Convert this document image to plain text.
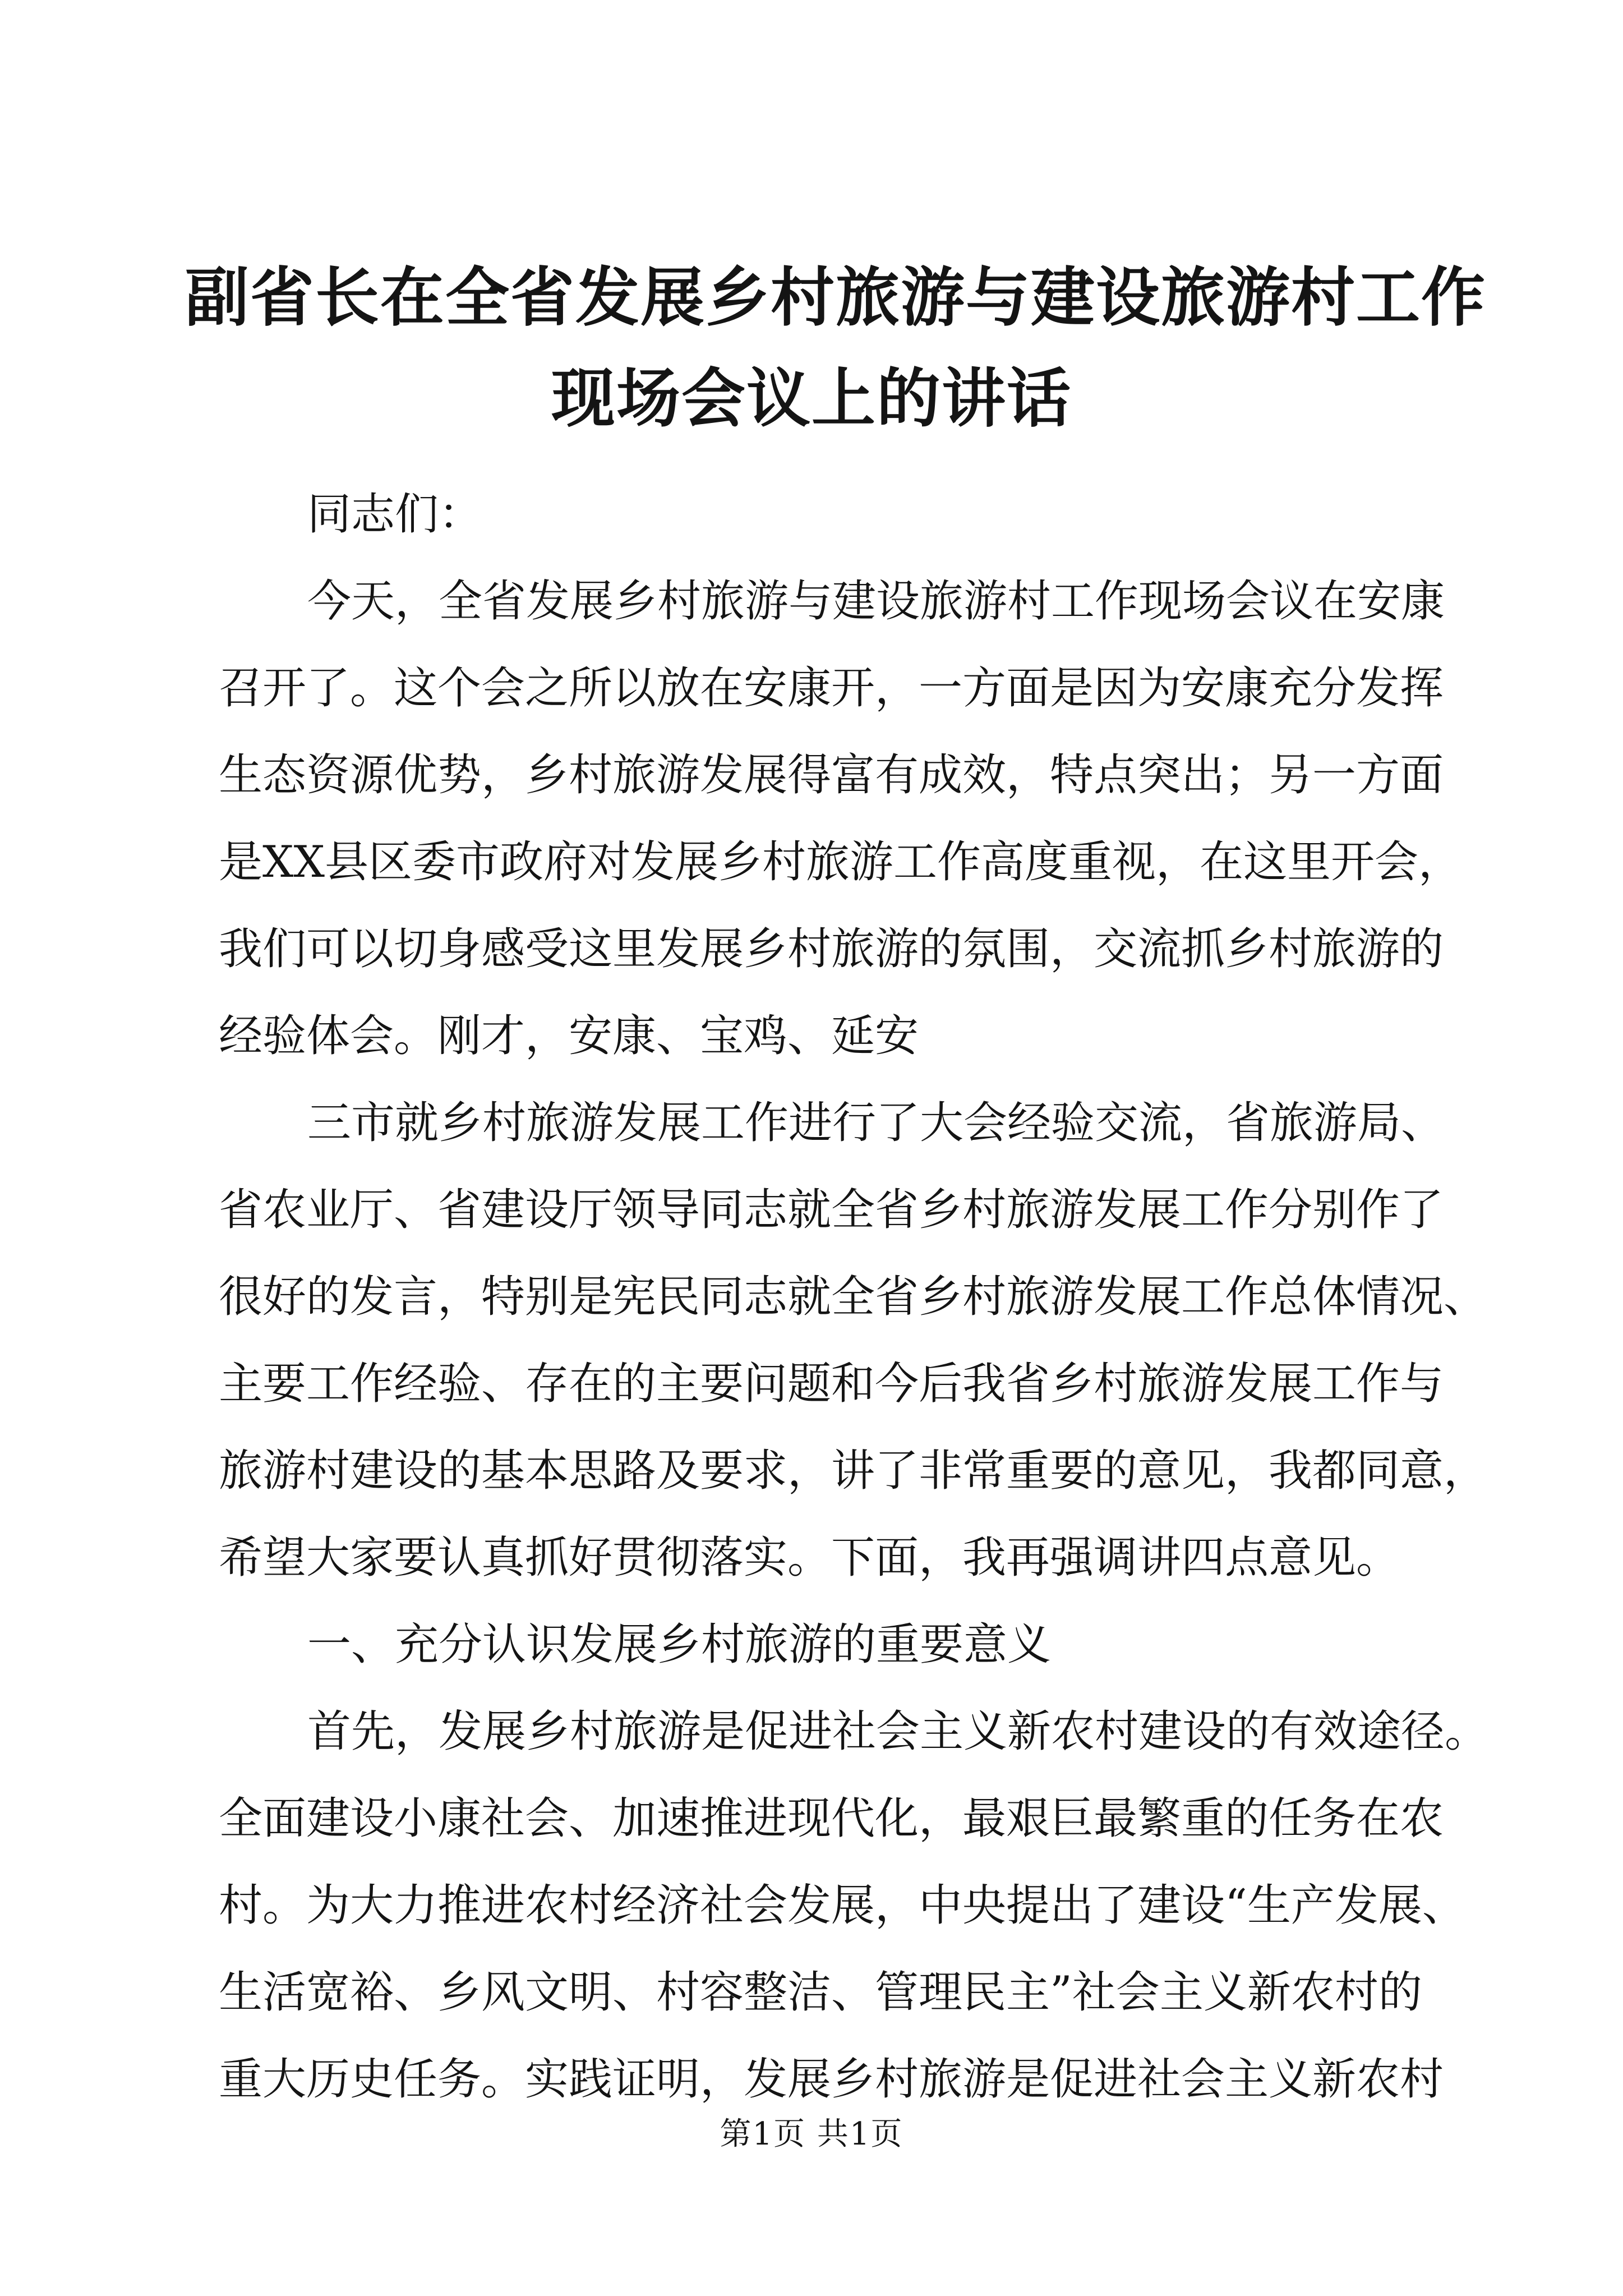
副省长在全省发展乡村旅游与建设旅游村工作
现场会议上的讲话
同志们：
今天，全省发展乡村旅游与建设旅游村工作现场会议在安康
召开了。这个会之所以放在安康开，一方面是因为安康充分发挥
生态资源优势，乡村旅游发展得富有成效，特点突出；另一方面
是XX县区委市政府对发展乡村旅游工作高度重视，在这里开会，
我们可以切身感受这里发展乡村旅游的氛围，交流抓乡村旅游的
经验体会。刚才，安康、宝鸡、延安
三市就乡村旅游发展工作进行了大会经验交流，省旅游局、
省农业厅、省建设厅领导同志就全省乡村旅游发展工作分别作了
很好的发言，特别是宪民同志就全省乡村旅游发展工作总体情况、
主要工作经验、存在的主要问题和今后我省乡村旅游发展工作与
旅游村建设的基本思路及要求，讲了非常重要的意见，我都同意，
希望大家要认真抓好贯彻落实。下面，我再强调讲四点意见。
一、充分认识发展乡村旅游的重要意义
首先，发展乡村旅游是促进社会主义新农村建设的有效途径。
全面建设小康社会、加速推进现代化，最艰巨最繁重的任务在农
村。为大力推进农村经济社会发展，中央提出了建设“生产发展、
生活宽裕、乡风文明、村容整洁、管理民主”社会主义新农村的
重大历史任务。实践证明，发展乡村旅游是促进社会主义新农村
第1页 共1页
